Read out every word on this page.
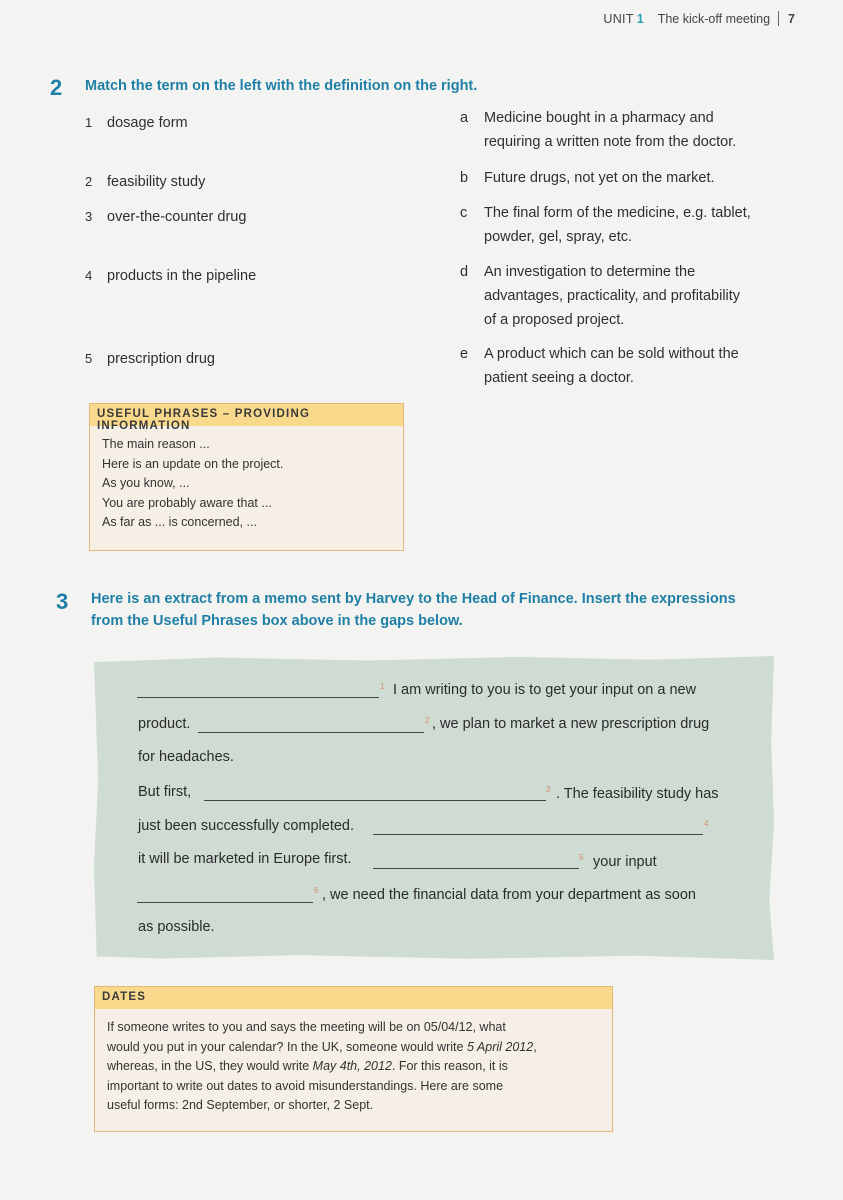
UNIT 1 The kick-off meeting 7
2 Match the term on the left with the definition on the right.
1 dosage form
2 feasibility study
3 over-the-counter drug
4 products in the pipeline
5 prescription drug
a Medicine bought in a pharmacy and
requiring a written note from the doctor.
b Future drugs, not yet on the market.
c The final form of the medicine, e.g. tablet,
powder, gel, spray, etc.
d An investigation to determine the
advantages, practicality, and profitability
of a proposed project.
e A product which can be sold without the
patient seeing a doctor.
USEFUL PHRASES – PROVIDING INFORMATION
The main reason ...
Here is an update on the project.
As you know, ...
You are probably aware that ...
As far as ... is concerned, ...
3 Here is an extract from a memo sent by Harvey to the Head of Finance. Insert the expressions
from the Useful Phrases box above in the gaps below.
1 I am writing to you is to get your input on a new
product.	2 , we plan to market a new prescription drug
for headaches.
But first,	3 . The feasibility study has
just been successfully completed.	4
it will be marketed in Europe first.	5 your input
6 , we need the financial data from your department as soon
as possible.
DATES
If someone writes to you and says the meeting will be on 05/04/12, what
would you put in your calendar? In the UK, someone would write 5 April 2012,
whereas, in the US, they would write May 4th, 2012. For this reason, it is
important to write out dates to avoid misunderstandings. Here are some
useful forms: 2nd September, or shorter, 2 Sept.
